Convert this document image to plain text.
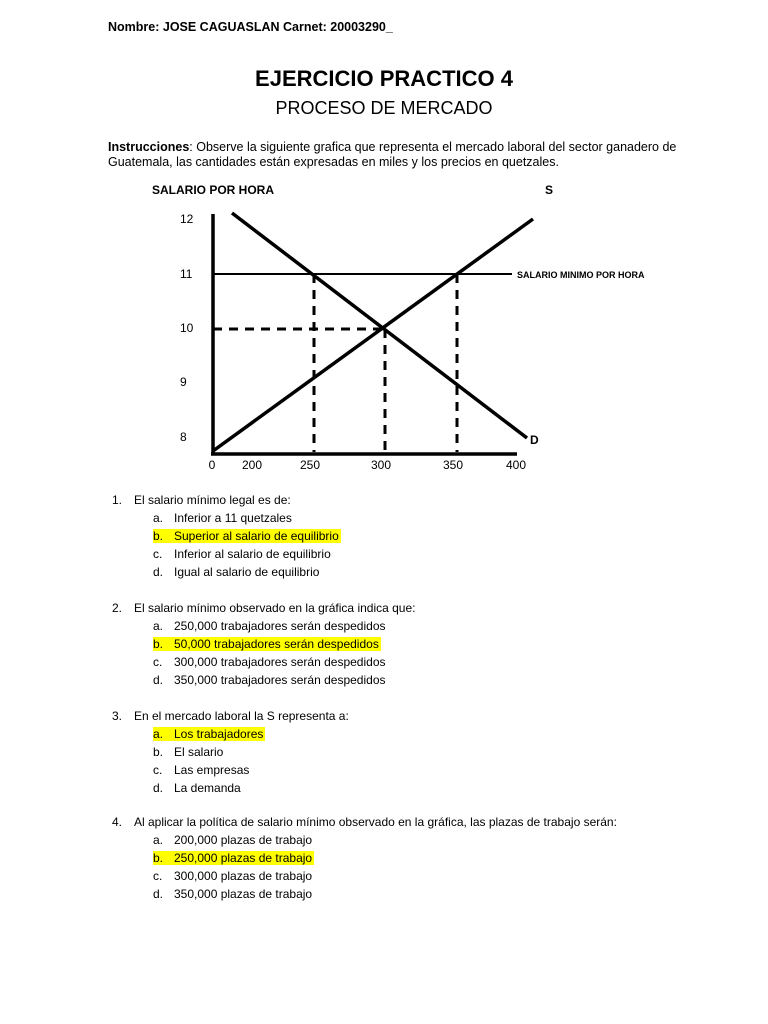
Nombre: JOSE CAGUASLAN Carnet: 20003290_
EJERCICIO PRACTICO 4
PROCESO DE MERCADO
Instrucciones: Observe la siguiente grafica que representa el mercado laboral del sector ganadero de Guatemala, las cantidades están expresadas en miles y los precios en quetzales.
SALARIO POR HORA	S
12
11
10
9
8
0 200	250	300	350	400
SALARIO MINIMO POR HORA
D
1. El salario mínimo legal es de:
a. Inferior a 11 quetzales
b. Superior al salario de equilibrio
c. Inferior al salario de equilibrio
d. Igual al salario de equilibrio
2. El salario mínimo observado en la gráfica indica que:
a. 250,000 trabajadores serán despedidos
b. 50,000 trabajadores serán despedidos
c. 300,000 trabajadores serán despedidos
d. 350,000 trabajadores serán despedidos
3. En el mercado laboral la S representa a:
a. Los trabajadores
b. El salario
c. Las empresas
d. La demanda
4. Al aplicar la política de salario mínimo observado en la gráfica, las plazas de trabajo serán:
a. 200,000 plazas de trabajo
b. 250,000 plazas de trabajo
c. 300,000 plazas de trabajo
d. 350,000 plazas de trabajo
